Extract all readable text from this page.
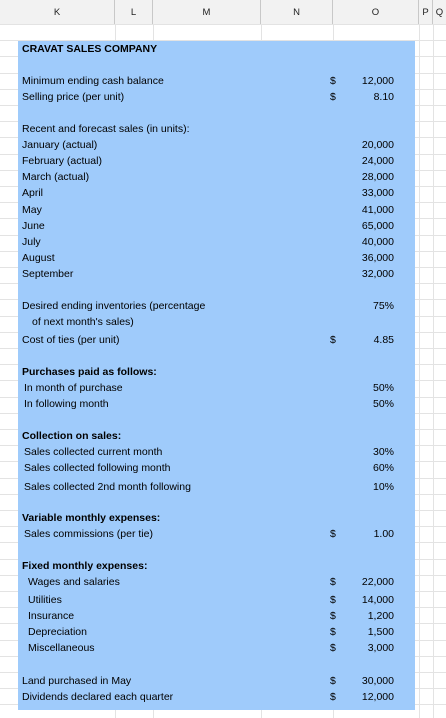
K	L	M	N	O	P Q
CRAVAT SALES COMPANY
Minimum ending cash balance	$	12,000
Selling price (per unit)	$	8.10
Recent and forecast sales (in units):
January (actual)	20,000
February (actual)	24,000
March (actual)	28,000
April	33,000
May	41,000
June	65,000
July	40,000
August	36,000
September	32,000
Desired ending inventories (percentage	75%
of next month's sales)
Cost of ties (per unit)	$	4.85
Purchases paid as follows:
In month of purchase	50%
In following month	50%
Collection on sales:
Sales collected current month	30%
Sales collected following month	60%
Sales collected 2nd month following	10%
Variable monthly expenses:
Sales commissions (per tie)	$	1.00
Fixed monthly expenses:
Wages and salaries	$	22,000
Utilities	$	14,000
Insurance	$	1,200
Depreciation	$	1,500
Miscellaneous	$	3,000
Land purchased in May	$	30,000
Dividends declared each quarter	$	12,000
